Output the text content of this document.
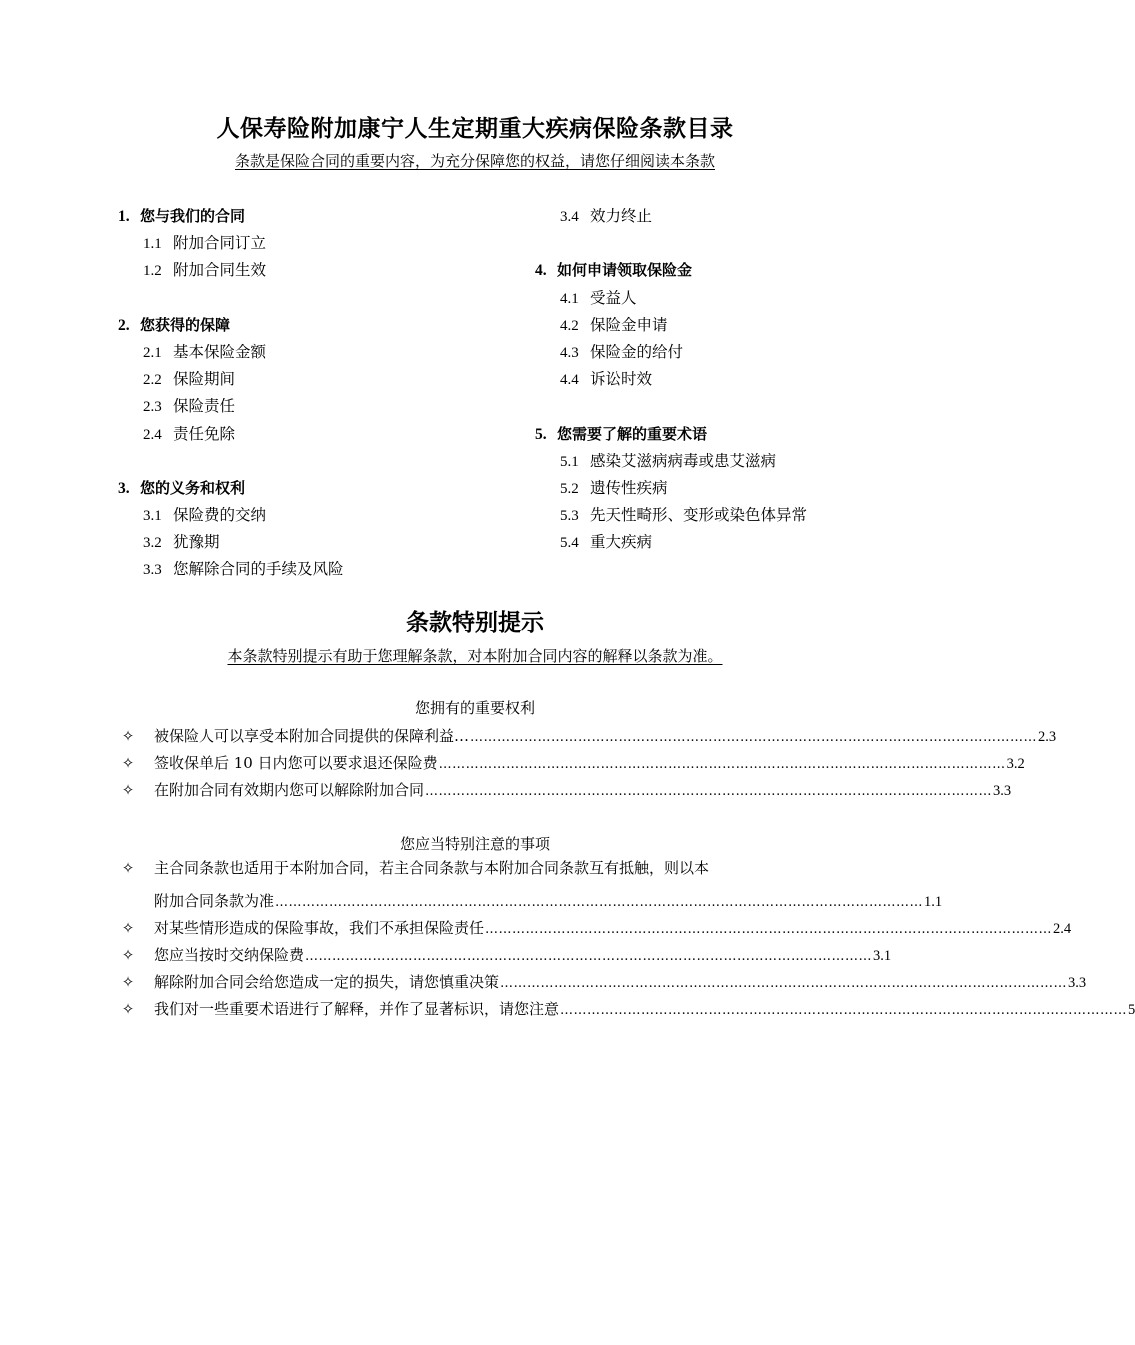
人保寿险附加康宁人生定期重大疾病保险条款目录
条款是保险合同的重要内容，为充分保障您的权益，请您仔细阅读本条款
1. 您与我们的合同
1.1 附加合同订立
1.2 附加合同生效
2. 您获得的保障
2.1 基本保险金额
2.2 保险期间
2.3 保险责任
2.4 责任免除
3. 您的义务和权利
3.1 保险费的交纳
3.2 犹豫期
3.3 您解除合同的手续及风险
3.4 效力终止
4. 如何申请领取保险金
4.1 受益人
4.2 保险金申请
4.3 保险金的给付
4.4 诉讼时效
5. 您需要了解的重要术语
5.1 感染艾滋病病毒或患艾滋病
5.2 遗传性疾病
5.3 先天性畸形、变形或染色体异常
5.4 重大疾病
条款特别提示
本条款特别提示有助于您理解条款，对本附加合同内容的解释以条款为准。
您拥有的重要权利
✧ 被保险人可以享受本附加合同提供的保障利益… ……………………………………………………………………………………………………………… 2.3
✧ 签收保单后 10 日内您可以要求退还保险费 ……………………………………………………………………………………………………………… 3.2
✧ 在附加合同有效期内您可以解除附加合同 ……………………………………………………………………………………………………………… 3.3
您应当特别注意的事项
✧ 主合同条款也适用于本附加合同，若主合同条款与本附加合同条款互有抵触，则以本
附加合同条款为准 ……………………………………………………………………………………………………………………………… 1.1
✧ 对某些情形造成的保险事故，我们不承担保险责任 ……………………………………………………………………………………………………………… 2.4
✧ 您应当按时交纳保险费 ……………………………………………………………………………………………………………… 3.1
✧ 解除附加合同会给您造成一定的损失，请您慎重决策 ……………………………………………………………………………………………………………… 3.3
✧ 我们对一些重要术语进行了解释，并作了显著标识，请您注意 ……………………………………………………………………………………………………………… 5
